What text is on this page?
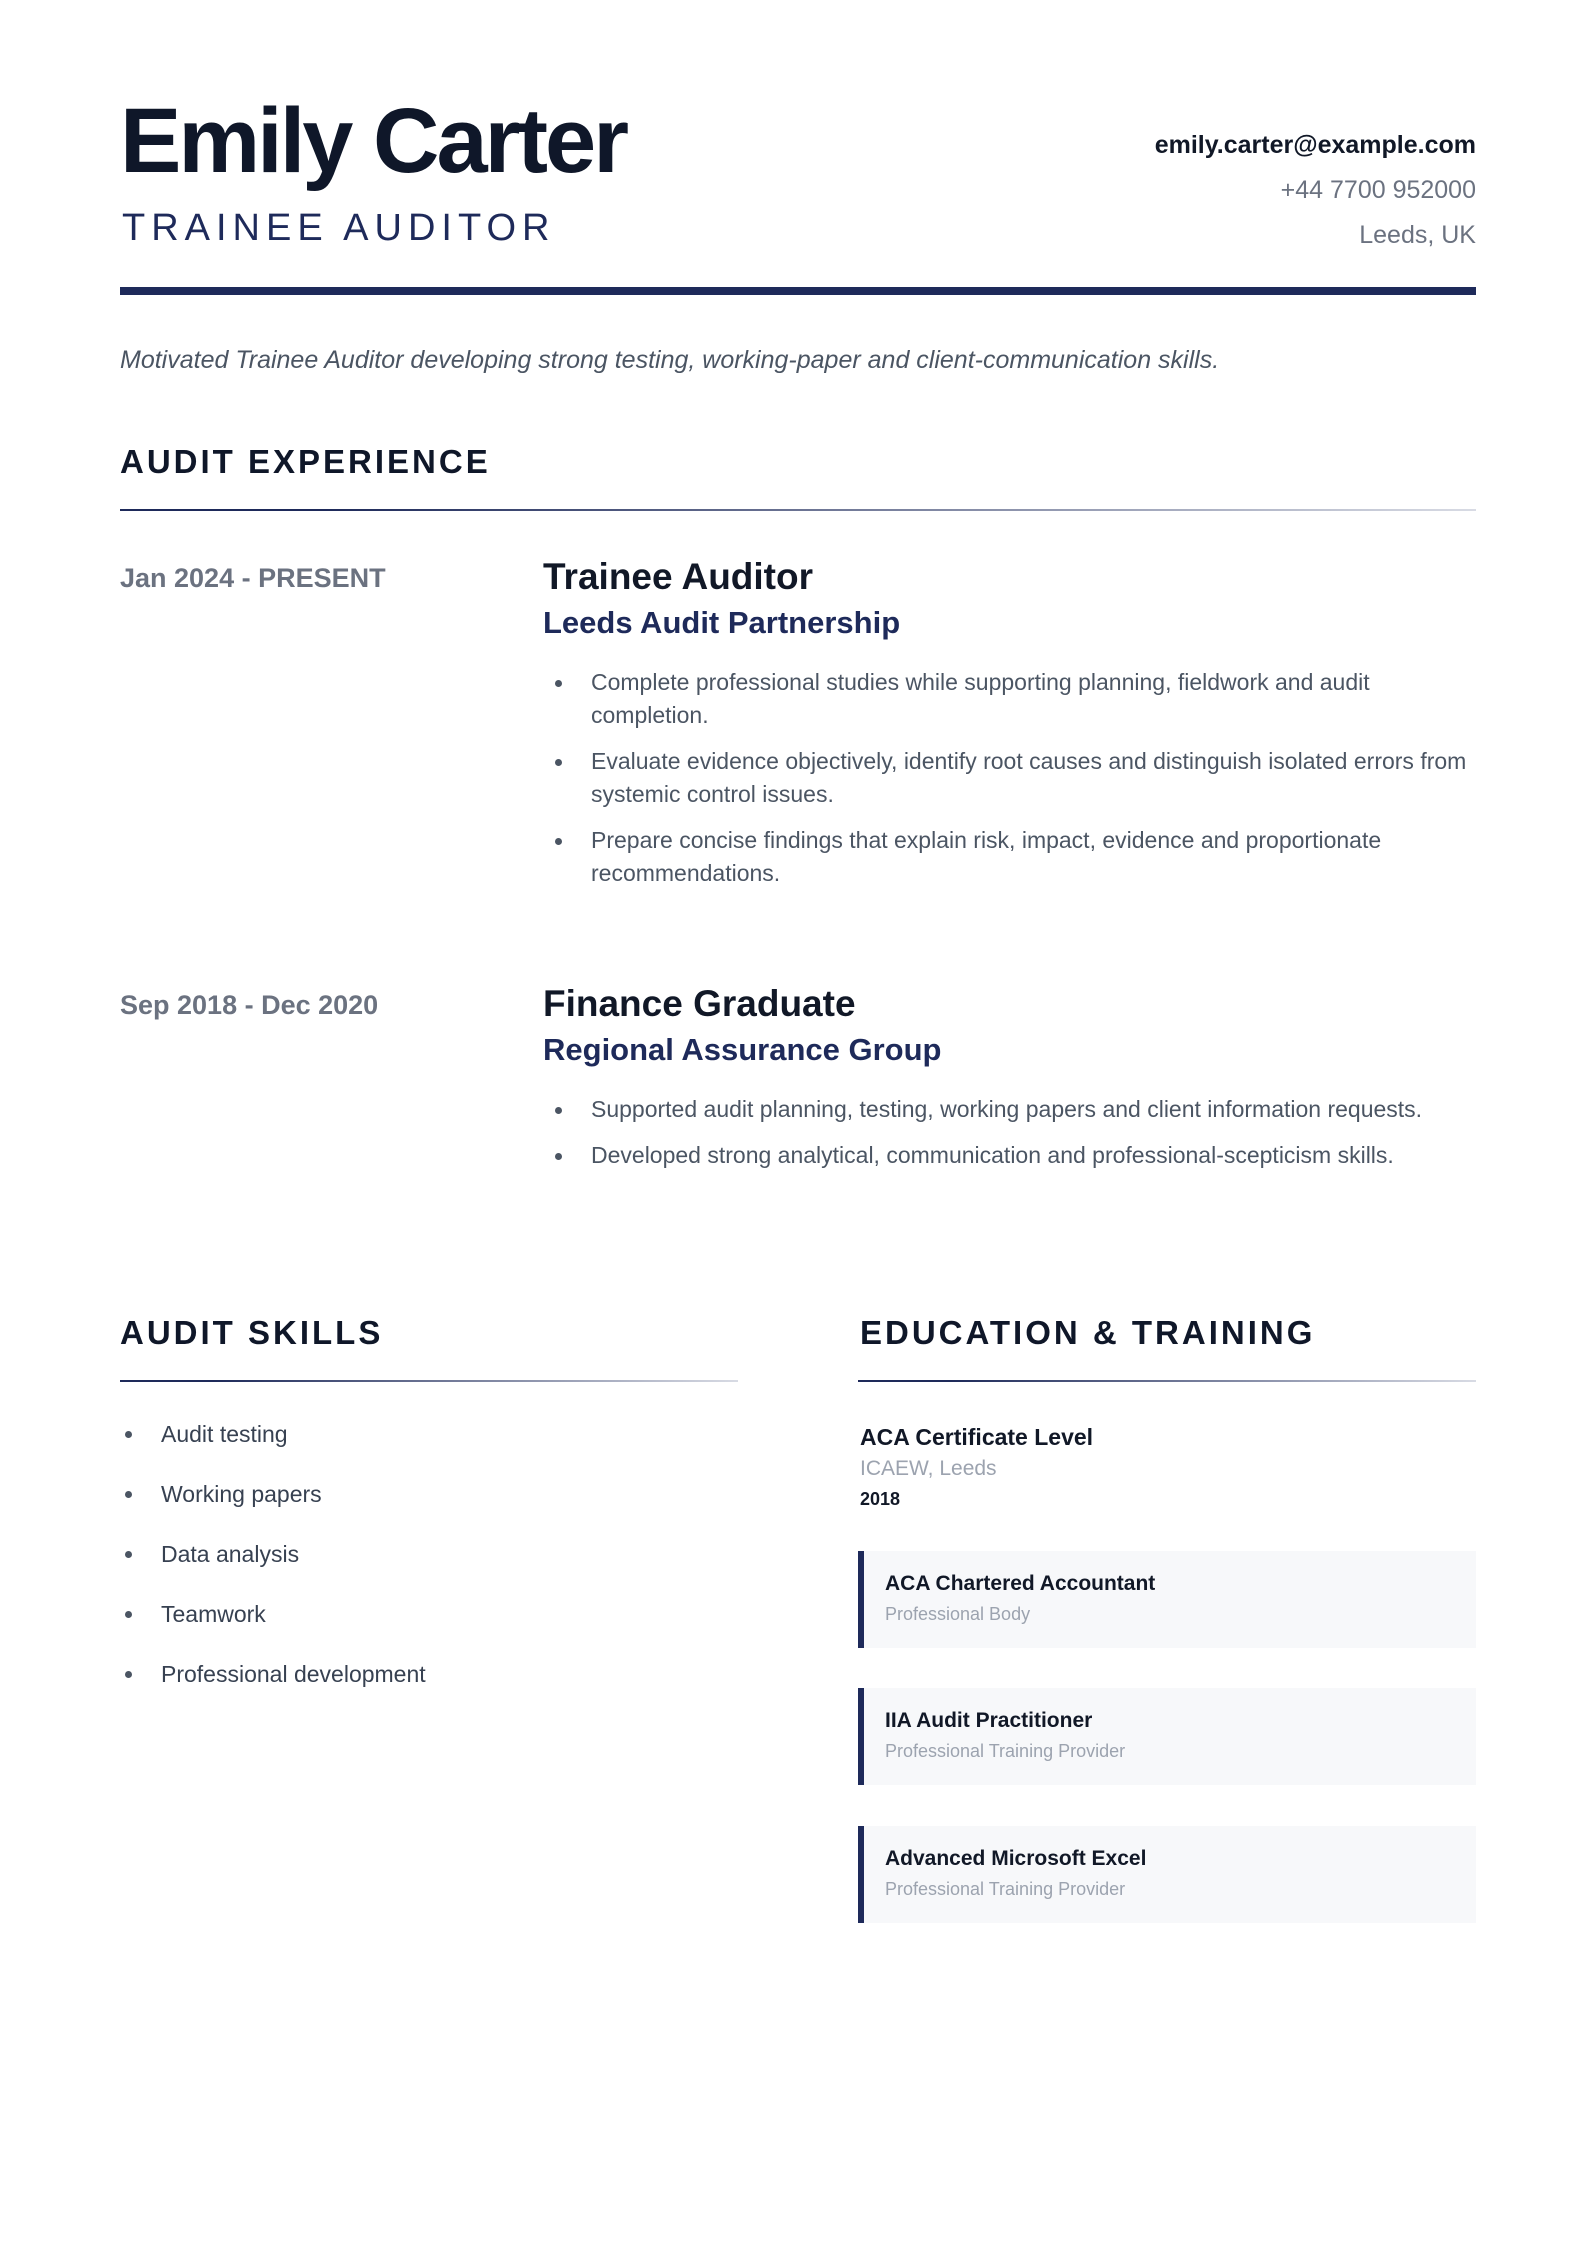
Emily Carter
TRAINEE AUDITOR
emily.carter@example.com
+44 7700 952000
Leeds, UK
Motivated Trainee Auditor developing strong testing, working-paper and client-communication skills.
AUDIT EXPERIENCE
Jan 2024 - PRESENT	Trainee Auditor
Leeds Audit Partnership
Complete professional studies while supporting planning, fieldwork and audit completion.
Evaluate evidence objectively, identify root causes and distinguish isolated errors from systemic control issues.
Prepare concise findings that explain risk, impact, evidence and proportionate recommendations.
Sep 2018 - Dec 2020	Finance Graduate
Regional Assurance Group
Supported audit planning, testing, working papers and client information requests.
Developed strong analytical, communication and professional-scepticism skills.
AUDIT SKILLS
Audit testing
Working papers
Data analysis
Teamwork
Professional development
EDUCATION & TRAINING
ACA Certificate Level
ICAEW, Leeds
2018
ACA Chartered Accountant
Professional Body
IIA Audit Practitioner
Professional Training Provider
Advanced Microsoft Excel
Professional Training Provider
